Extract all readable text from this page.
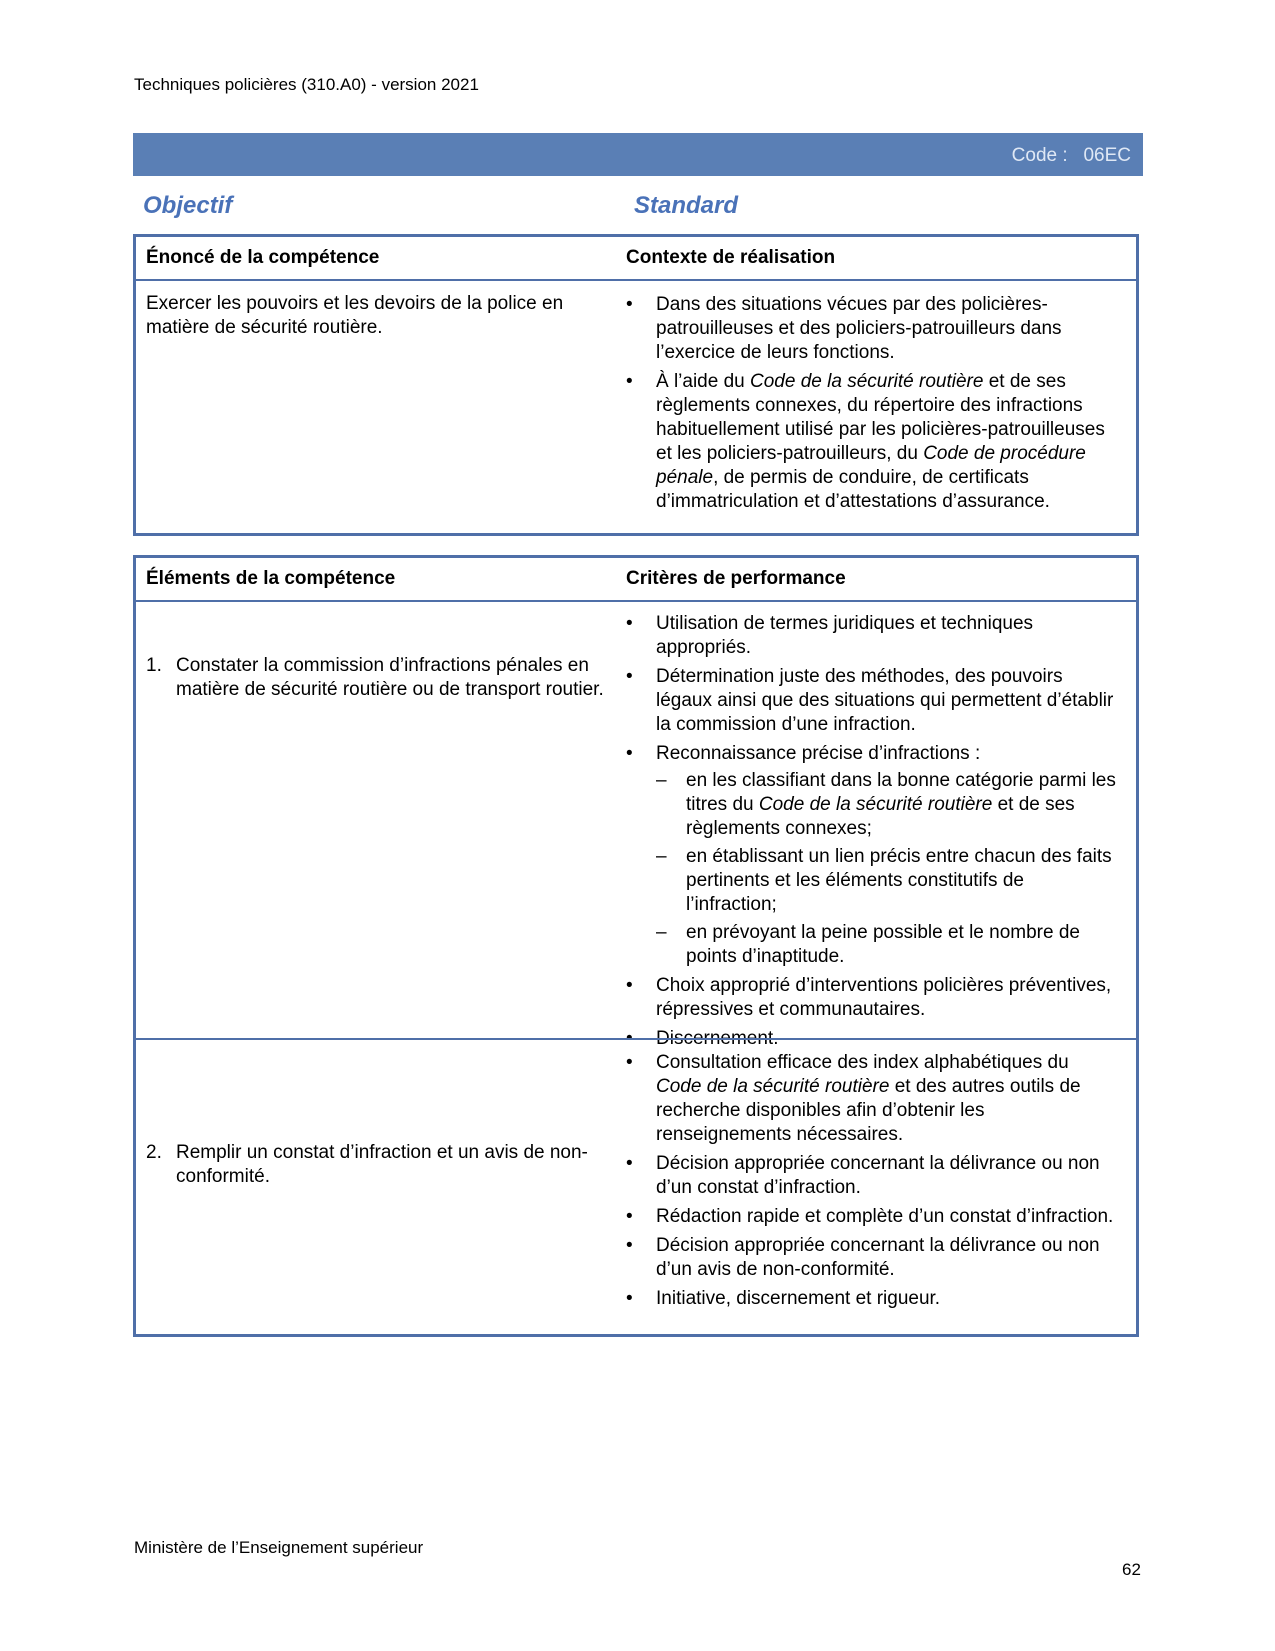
Techniques policières (310.A0) - version 2021
Code :   06EC
Objectif	Standard
Énoncé de la compétence	Contexte de réalisation
Exercer les pouvoirs et les devoirs de la police en matière de sécurité routière.
• Dans des situations vécues par des policières-patrouilleuses et des policiers-patrouilleurs dans l’exercice de leurs fonctions.
• À l’aide du Code de la sécurité routière et de ses règlements connexes, du répertoire des infractions habituellement utilisé par les policières-patrouilleuses et les policiers-patrouilleurs, du Code de procédure pénale, de permis de conduire, de certificats d’immatriculation et d’attestations d’assurance.
Éléments de la compétence	Critères de performance
1. Constater la commission d’infractions pénales en matière de sécurité routière ou de transport routier.
• Utilisation de termes juridiques et techniques appropriés.
• Détermination juste des méthodes, des pouvoirs légaux ainsi que des situations qui permettent d’établir la commission d’une infraction.
• Reconnaissance précise d’infractions :
– en les classifiant dans la bonne catégorie parmi les titres du Code de la sécurité routière et de ses règlements connexes;
– en établissant un lien précis entre chacun des faits pertinents et les éléments constitutifs de l’infraction;
– en prévoyant la peine possible et le nombre de points d’inaptitude.
• Choix approprié d’interventions policières préventives, répressives et communautaires.
• Discernement.
2. Remplir un constat d’infraction et un avis de non-conformité.
• Consultation efficace des index alphabétiques du Code de la sécurité routière et des autres outils de recherche disponibles afin d’obtenir les renseignements nécessaires.
• Décision appropriée concernant la délivrance ou non d’un constat d’infraction.
• Rédaction rapide et complète d’un constat d’infraction.
• Décision appropriée concernant la délivrance ou non d’un avis de non-conformité.
• Initiative, discernement et rigueur.
Ministère de l’Enseignement supérieur
62
